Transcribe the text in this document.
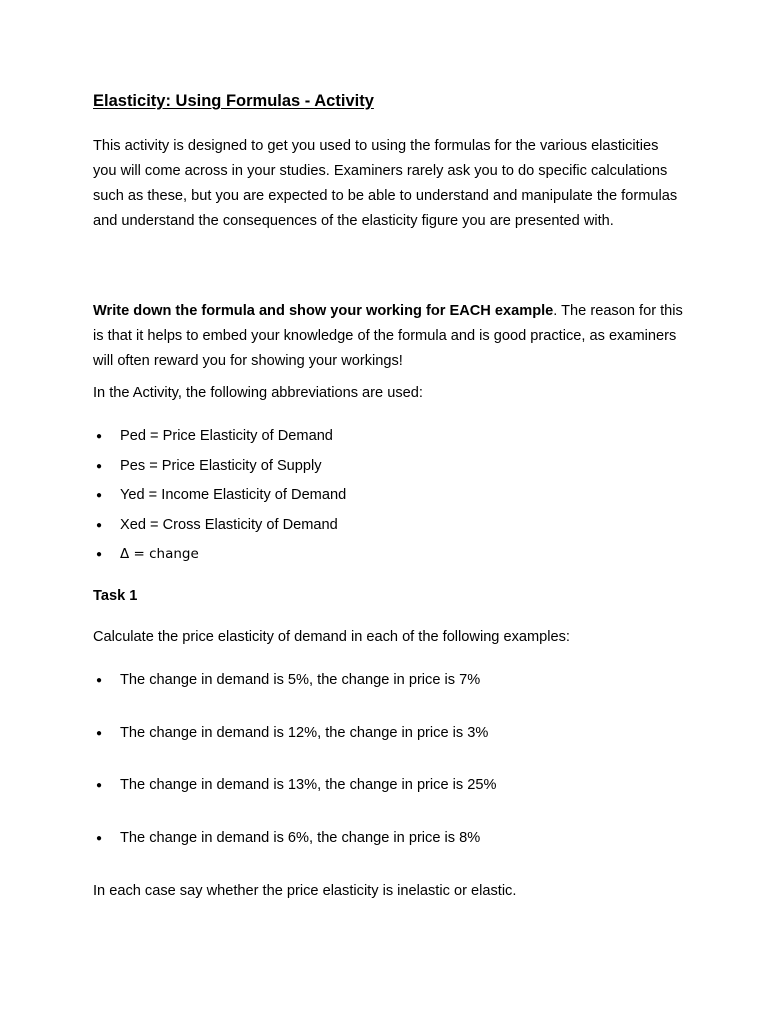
Elasticity: Using Formulas - Activity

This activity is designed to get you used to using the formulas for the various elasticities you will come across in your studies. Examiners rarely ask you to do specific calculations such as these, but you are expected to be able to understand and manipulate the formulas and understand the consequences of the elasticity figure you are presented with.

Write down the formula and show your working for EACH example. The reason for this is that it helps to embed your knowledge of the formula and is good practice, as examiners will often reward you for showing your workings!

In the Activity, the following abbreviations are used:

● Ped = Price Elasticity of Demand
● Pes = Price Elasticity of Supply
● Yed = Income Elasticity of Demand
● Xed = Cross Elasticity of Demand
● Δ = change
Task 1

Calculate the price elasticity of demand in each of the following examples:

● The change in demand is 5%, the change in price is 7%
● The change in demand is 12%, the change in price is 3%
● The change in demand is 13%, the change in price is 25%
● The change in demand is 6%, the change in price is 8%

In each case say whether the price elasticity is inelastic or elastic.
